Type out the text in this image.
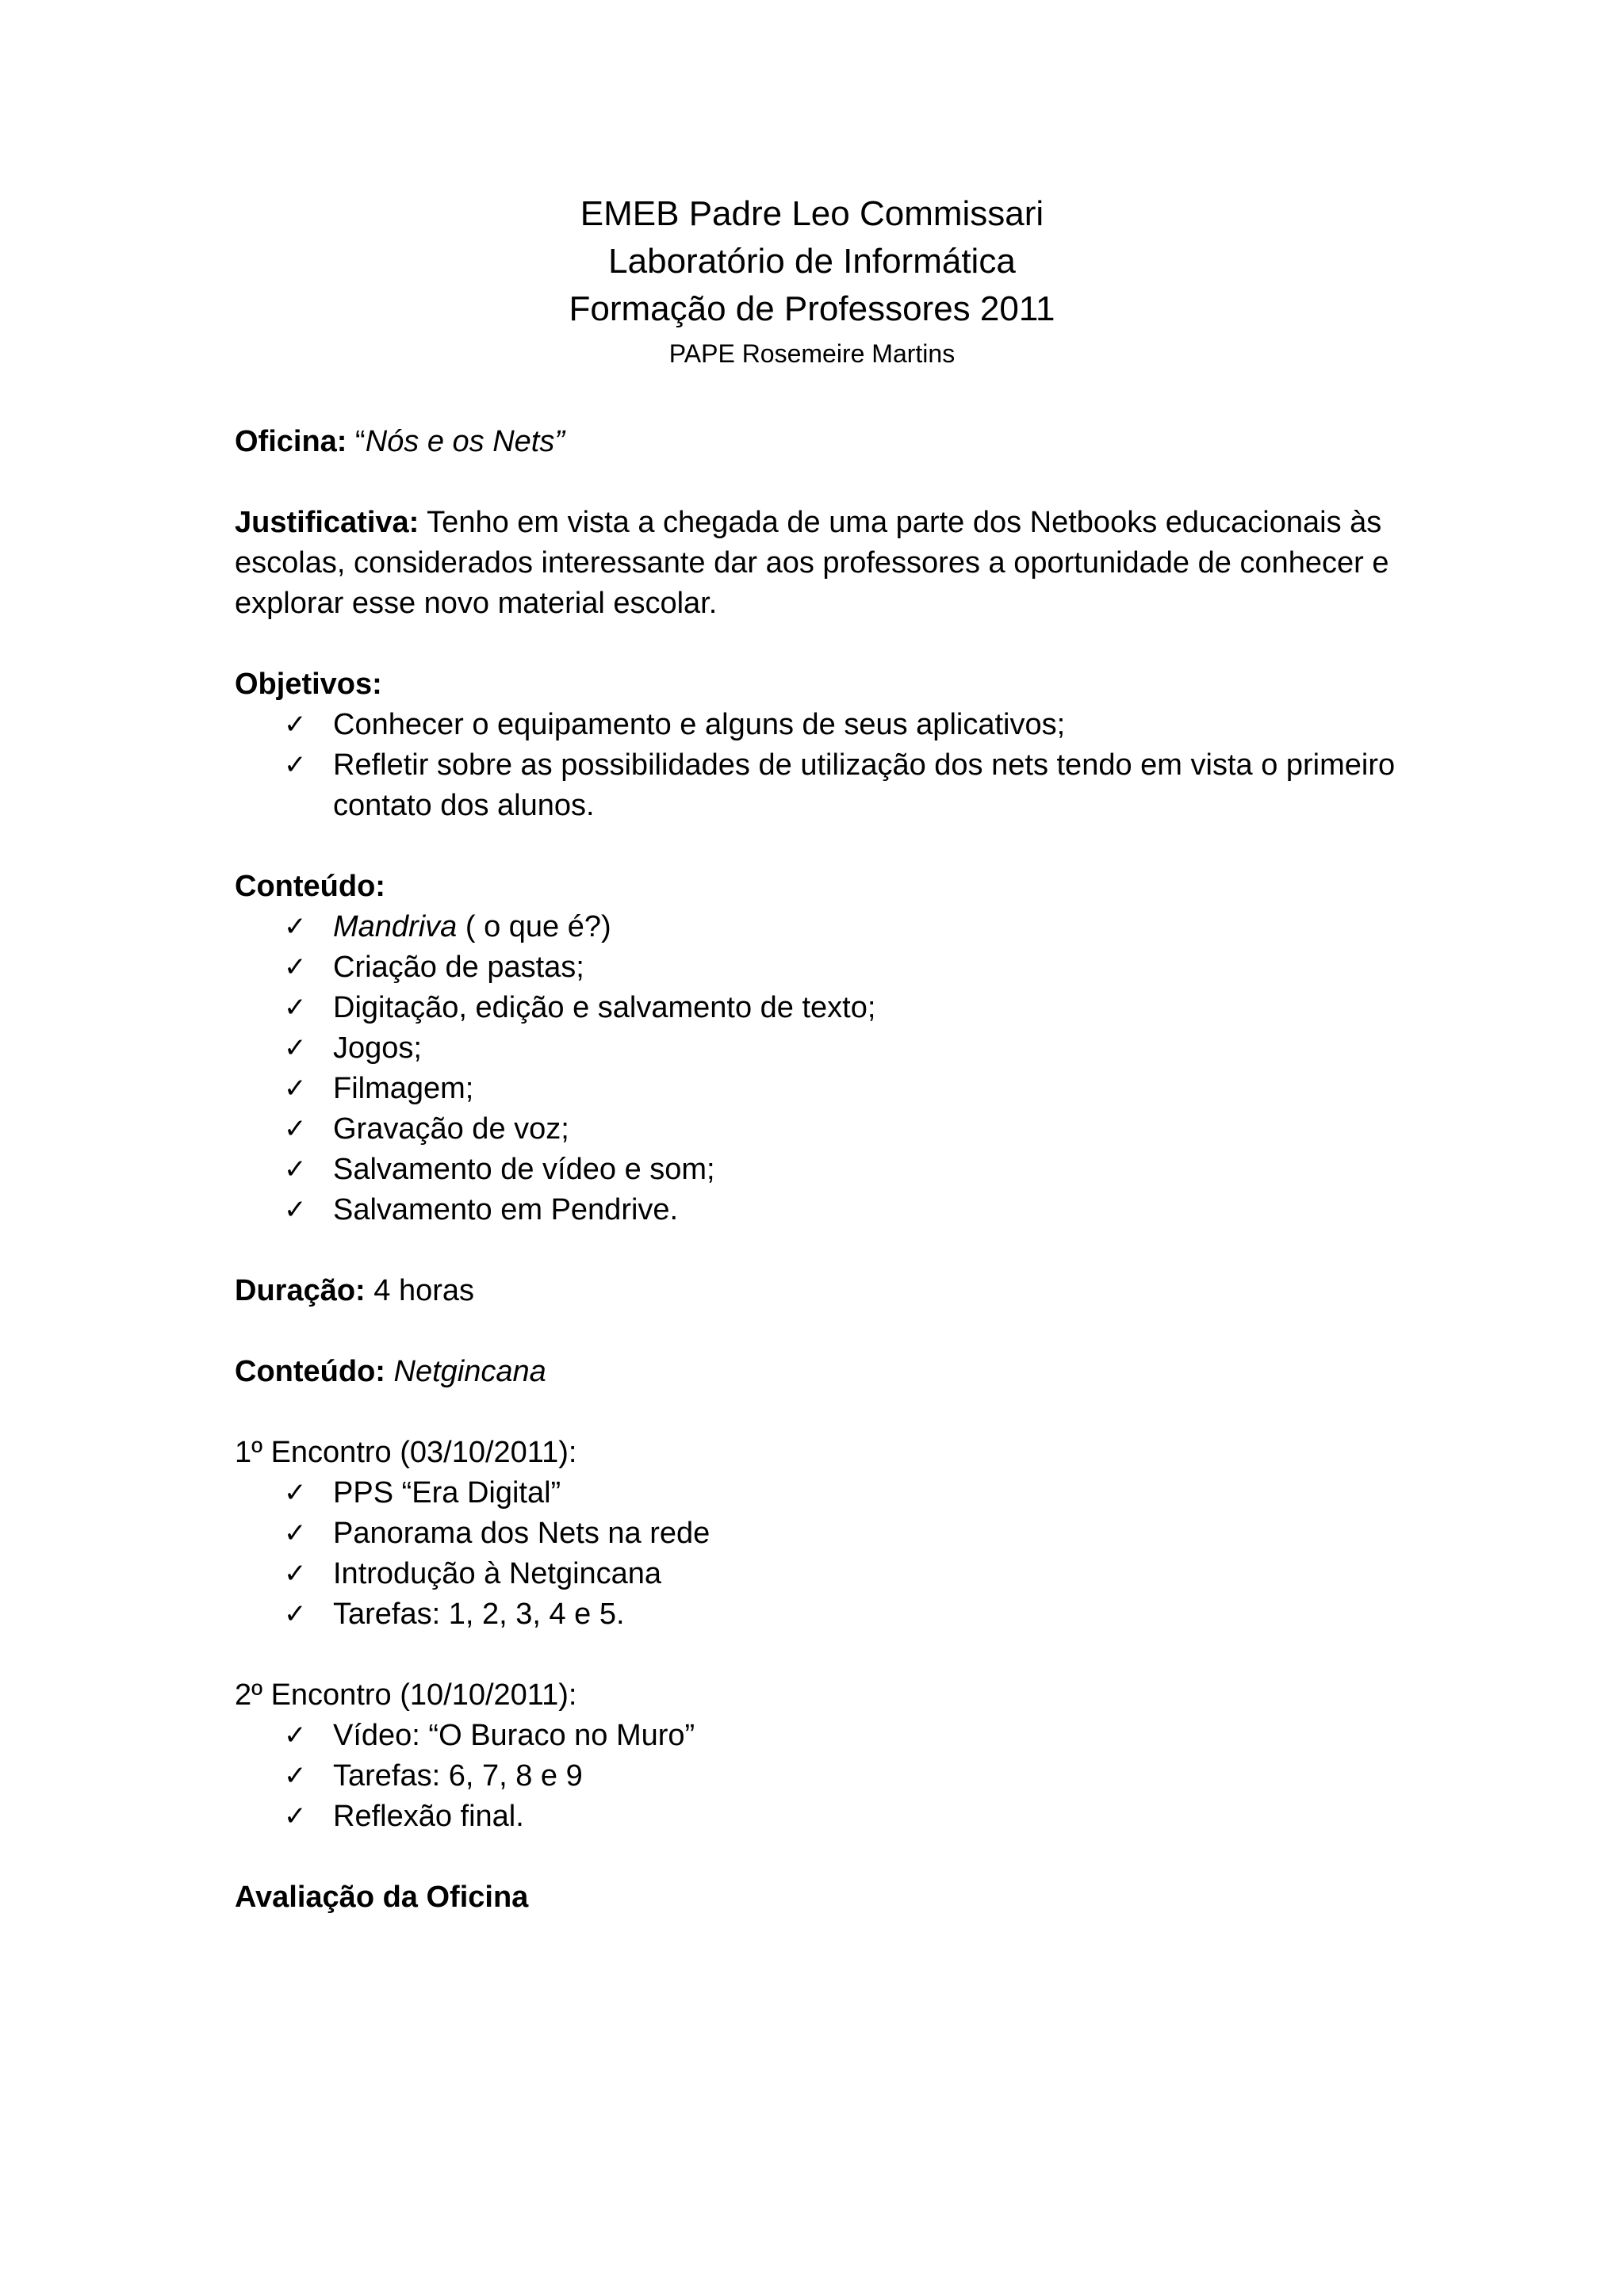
EMEB Padre Leo Commissari
Laboratório de Informática
Formação de Professores 2011
PAPE Rosemeire Martins
Oficina: “Nós e os Nets”
Justificativa: Tenho em vista a chegada de uma parte dos Netbooks educacionais às escolas, considerados interessante dar aos professores a oportunidade de conhecer e explorar esse novo material escolar.
Objetivos:
✓ Conhecer o equipamento e alguns de seus aplicativos;
✓ Refletir sobre as possibilidades de utilização dos nets tendo em vista o primeiro contato dos alunos.
Conteúdo:
✓ Mandriva ( o que é?)
✓ Criação de pastas;
✓ Digitação, edição e salvamento de texto;
✓ Jogos;
✓ Filmagem;
✓ Gravação de voz;
✓ Salvamento de vídeo e som;
✓ Salvamento em Pendrive.
Duração: 4 horas
Conteúdo: Netgincana
1º Encontro (03/10/2011):
✓ PPS “Era Digital”
✓ Panorama dos Nets na rede
✓ Introdução à Netgincana
✓ Tarefas: 1, 2, 3, 4 e 5.
2º Encontro (10/10/2011):
✓ Vídeo: “O Buraco no Muro”
✓ Tarefas: 6, 7, 8 e 9
✓ Reflexão final.
Avaliação da Oficina
